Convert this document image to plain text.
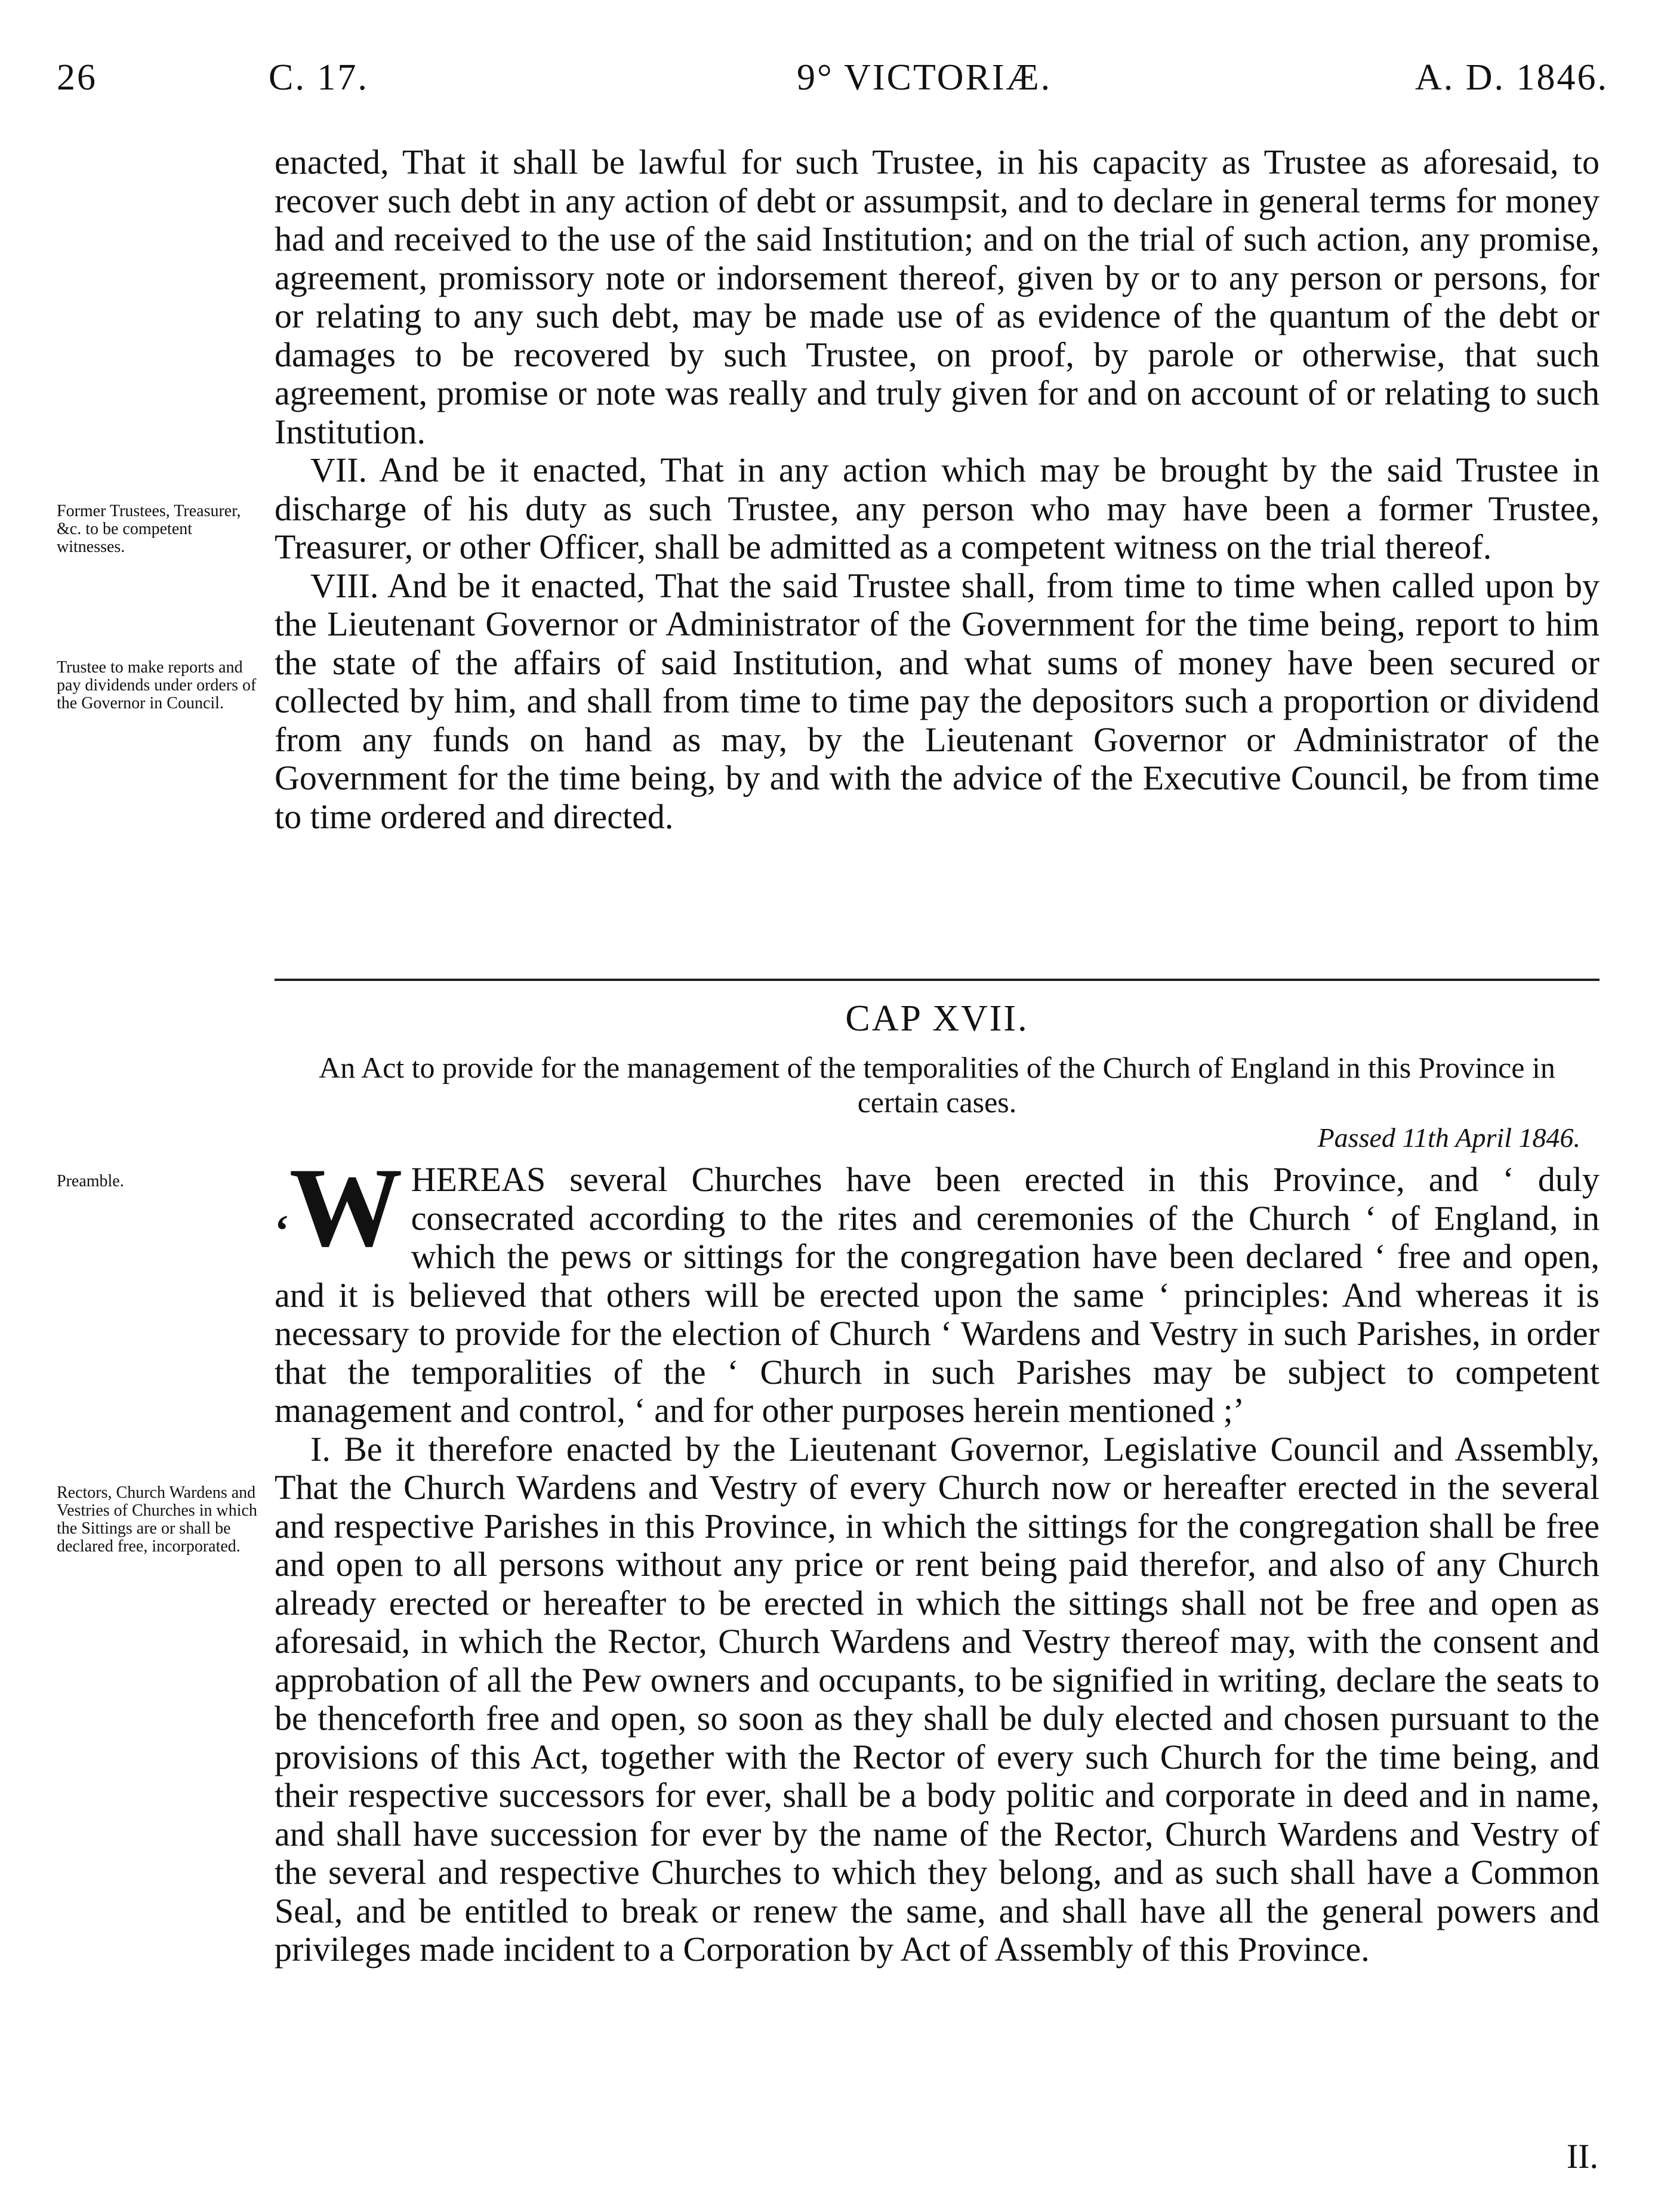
26	C. 17.	9° VICTORIÆ.	A. D. 1846.
Former Trustees, Treasurer, &c. to be competent witnesses.
Trustee to make reports and pay dividends under orders of the Governor in Council.
Preamble.
Rectors, Church Wardens and Vestries of Churches in which the Sittings are or shall be declared free, incorporated.

enacted, That it shall be lawful for such Trustee, in his capacity as Trustee as aforesaid, to recover such debt in any action of debt or assumpsit, and to declare in general terms for money had and received to the use of the said Institution; and on the trial of such action, any promise, agreement, promissory note or indorsement thereof, given by or to any person or persons, for or relating to any such debt, may be made use of as evidence of the quantum of the debt or damages to be recovered by such Trustee, on proof, by parole or otherwise, that such agreement, promise or note was really and truly given for and on account of or relating to such Institution.

VII. And be it enacted, That in any action which may be brought by the said Trustee in discharge of his duty as such Trustee, any person who may have been a former Trustee, Treasurer, or other Officer, shall be admitted as a competent witness on the trial thereof.

VIII. And be it enacted, That the said Trustee shall, from time to time when called upon by the Lieutenant Governor or Administrator of the Government for the time being, report to him the state of the affairs of said Institution, and what sums of money have been secured or collected by him, and shall from time to time pay the depositors such a proportion or dividend from any funds on hand as may, by the Lieutenant Governor or Administrator of the Government for the time being, by and with the advice of the Executive Council, be from time to time ordered and directed.

CAP XVII.
An Act to provide for the management of the temporalities of the Church of England in this Province in certain cases.
Passed 11th April 1846.

‘W HEREAS several Churches have been erected in this Province, and ‘ duly consecrated according to the rites and ceremonies of the Church ‘ of England, in which the pews or sittings for the congregation have been declared ‘ free and open, and it is believed that others will be erected upon the same ‘ principles: And whereas it is necessary to provide for the election of Church ‘ Wardens and Vestry in such Parishes, in order that the temporalities of the ‘ Church in such Parishes may be subject to competent management and control, ‘ and for other purposes herein mentioned ;’

I. Be it therefore enacted by the Lieutenant Governor, Legislative Council and Assembly, That the Church Wardens and Vestry of every Church now or hereafter erected in the several and respective Parishes in this Province, in which the sittings for the congregation shall be free and open to all persons without any price or rent being paid therefor, and also of any Church already erected or hereafter to be erected in which the sittings shall not be free and open as aforesaid, in which the Rector, Church Wardens and Vestry thereof may, with the consent and approbation of all the Pew owners and occupants, to be signified in writing, declare the seats to be thenceforth free and open, so soon as they shall be duly elected and chosen pursuant to the provisions of this Act, together with the Rector of every such Church for the time being, and their respective successors for ever, shall be a body politic and corporate in deed and in name, and shall have succession for ever by the name of the Rector, Church Wardens and Vestry of the several and respective Churches to which they belong, and as such shall have a Common Seal, and be entitled to break or renew the same, and shall have all the general powers and privileges made incident to a Corporation by Act of Assembly of this Province.

II.
